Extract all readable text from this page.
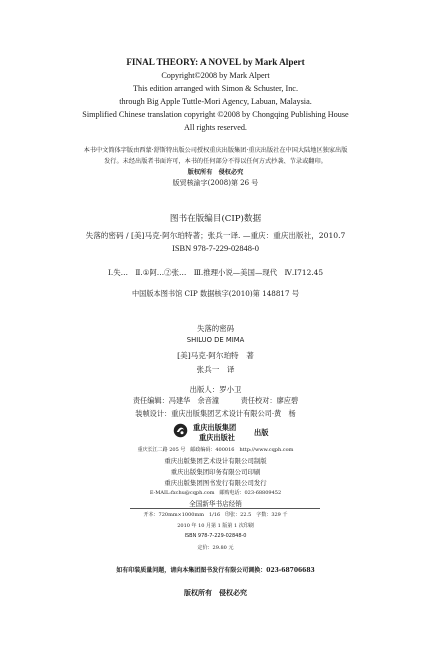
FINAL THEORY: A NOVEL by Mark Alpert
Copyright©2008 by Mark Alpert
This edition arranged with Simon & Schuster, Inc.
through Big Apple Tuttle-Mori Agency, Labuan, Malaysia.
Simplified Chinese translation copyright ©2008 by Chongqing Publishing House
All rights reserved.
本书中文简体字版由西蒙·舒斯特出版公司授权重庆出版集团·重庆出版社在中国大陆地区独家出版
发行。未经出版者书面许可，本书的任何部分不得以任何方式抄袭、节录或翻印。
版权所有　侵权必究
版贸核渝字(2008)第 26 号
图书在版编目(CIP)数据
失落的密码 / [美]马克·阿尔珀特著；张兵一译. —重庆：重庆出版社，2010.7
ISBN 978-7-229-02848-0
Ⅰ.失…　Ⅱ.①阿…②张…　Ⅲ.推理小说—美国—现代　Ⅳ.I712.45
中国版本图书馆 CIP 数据核字(2010)第 148817 号
失落的密码
SHILUO DE MIMA
[美]马克·阿尔珀特　著
张兵一　译
出版人：罗小卫
责任编辑：冯建华　余音潼　　　责任校对：廖应碧
装帧设计：重庆出版集团艺术设计有限公司·黄　杨
重庆出版集团
重庆出版社
出版
重庆长江二路 205 号　邮政编码：400016　http://www.cqph.com
重庆出版集团艺术设计有限公司制版
重庆出版集团印务有限公司印刷
重庆出版集团图书发行有限公司发行
E-MAIL:fxchu@cqph.com　邮购电话：023-68809452
全国新华书店经销
开本：720mm×1000mm　1/16　印张：22.5　字数：329 千
2010 年 10 月第 1 版第 1 次印刷
ISBN 978-7-229-02848-0
定价：29.80 元
如有印装质量问题，请向本集团图书发行有限公司调换：023-68706683
版权所有　侵权必究
